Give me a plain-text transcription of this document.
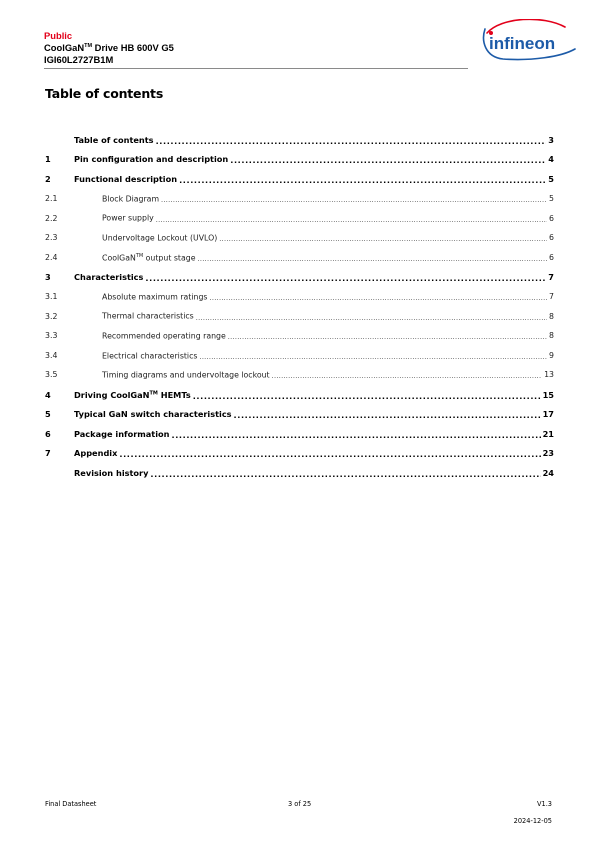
Public
CoolGaN™ Drive HB 600V G5
IGI60L2727B1M
infineon
Table of contents
Table of contents .....	3
1	Pin configuration and description .....	4
2	Functional description .....	5
2.1	Block Diagram .....	5
2.2	Power supply .....	6
2.3	Undervoltage Lockout (UVLO) .....	6
2.4	CoolGaN™ output stage .....	6
3	Characteristics .....	7
3.1	Absolute maximum ratings .....	7
3.2	Thermal characteristics .....	8
3.3	Recommended operating range .....	8
3.4	Electrical characteristics .....	9
3.5	Timing diagrams and undervoltage lockout .....	13
4	Driving CoolGaN™ HEMTs .....	15
5	Typical GaN switch characteristics .....	17
6	Package information .....	21
7	Appendix .....	23
Revision history .....	24
Final Datasheet	3 of 25	V1.3
2024-12-05
